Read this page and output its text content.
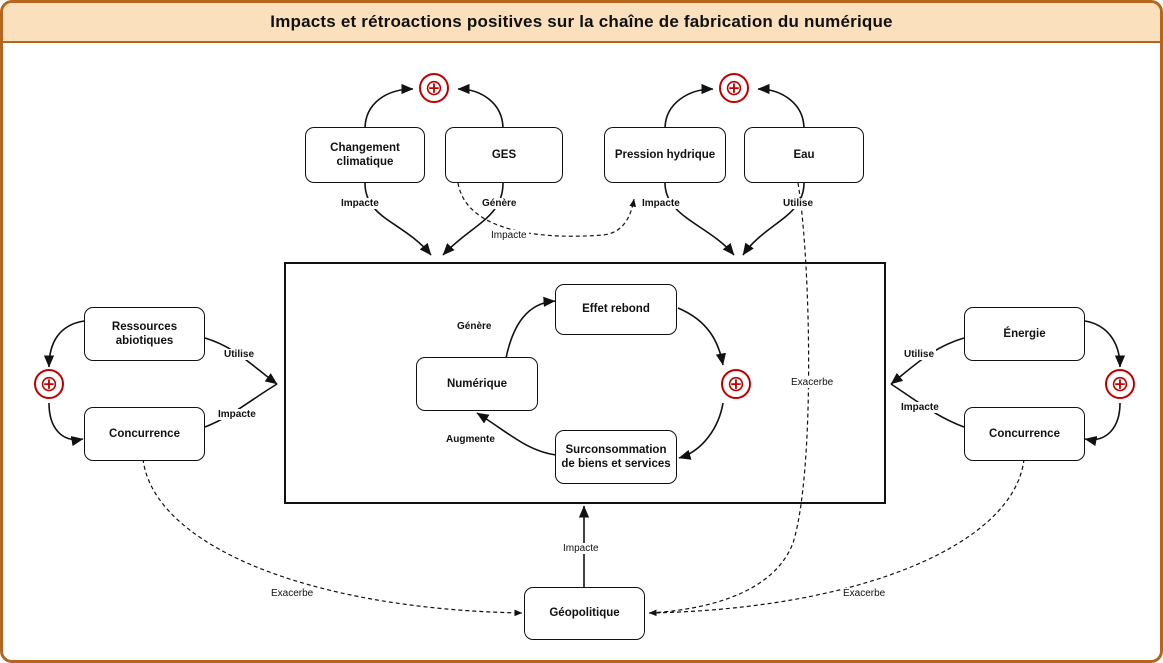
Impacts et rétroactions positives sur la chaîne de fabrication du numérique
Changement climatique
GES	Pression hydrique	Eau
Ressources abiotiques
Concurrence
Énergie
Concurrence
Effet rebond
Numérique
Surconsommation de biens et services
Géopolitique
⊕	⊕
⊕	⊕
⊕
Impacte	Génère
Impacte
Impacte	Utilise
Utilise
Impacte
Utilise
Impacte
Génère
Augmente
Impacte
Exacerbe	Exacerbe
Exacerbe
